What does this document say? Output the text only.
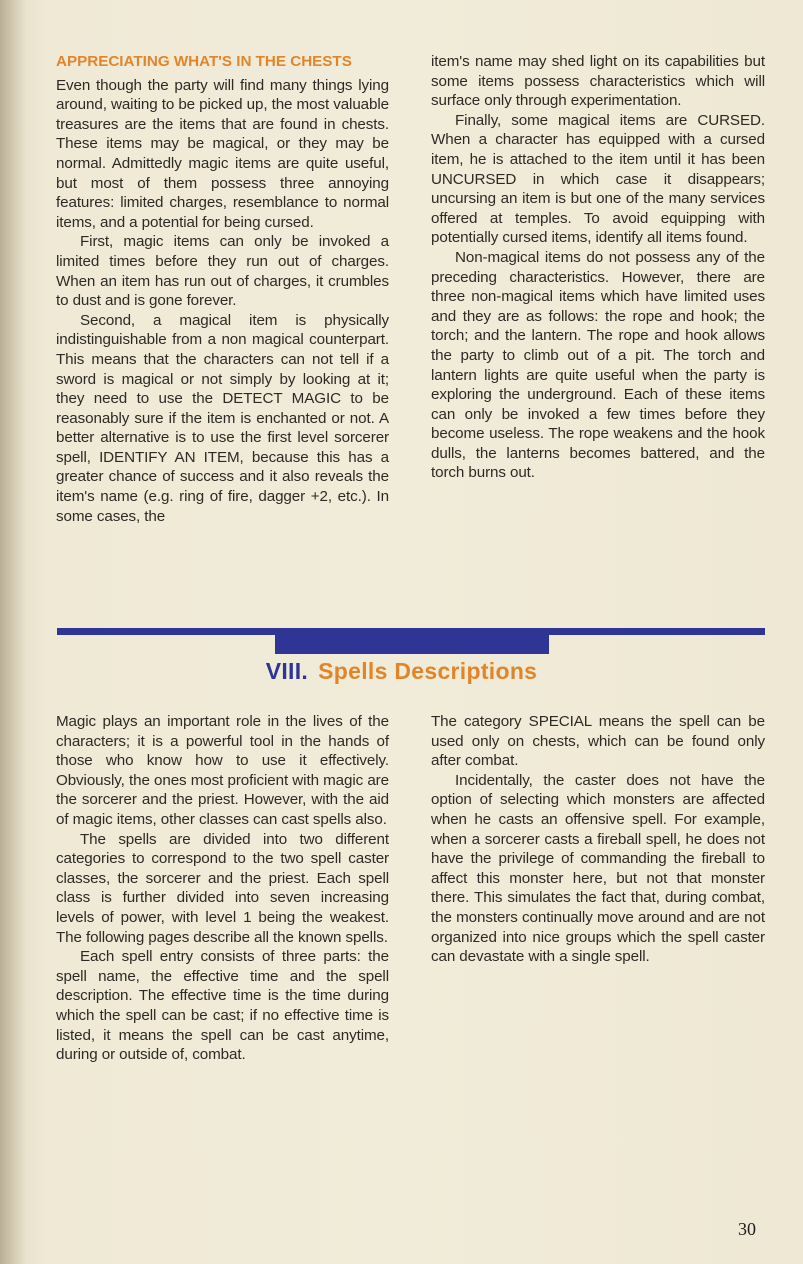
APPRECIATING WHAT'S IN THE CHESTS

Even though the party will find many things lying around, waiting to be picked up, the most valuable treasures are the items that are found in chests. These items may be magical, or they may be normal. Admittedly magic items are quite useful, but most of them possess three annoying features: limited charges, resemblance to normal items, and a potential for being cursed.

First, magic items can only be invoked a limited times before they run out of charges. When an item has run out of charges, it crumbles to dust and is gone forever.

Second, a magical item is physically indistinguishable from a non magical counterpart. This means that the characters can not tell if a sword is magical or not simply by looking at it; they need to use the DETECT MAGIC to be reasonably sure if the item is enchanted or not. A better alternative is to use the first level sorcerer spell, IDENTIFY AN ITEM, because this has a greater chance of success and it also reveals the item's name (e.g. ring of fire, dagger +2, etc.). In some cases, the

item's name may shed light on its capabilities but some items possess characteristics which will surface only through experimentation.

Finally, some magical items are CURSED. When a character has equipped with a cursed item, he is attached to the item until it has been UNCURSED in which case it disappears; uncursing an item is but one of the many services offered at temples. To avoid equipping with potentially cursed items, identify all items found.

Non-magical items do not possess any of the preceding characteristics. However, there are three non-magical items which have limited uses and they are as follows: the rope and hook; the torch; and the lantern. The rope and hook allows the party to climb out of a pit. The torch and lantern lights are quite useful when the party is exploring the underground. Each of these items can only be invoked a few times before they become useless. The rope weakens and the hook dulls, the lanterns becomes battered, and the torch burns out.

VIII. Spells Descriptions

Magic plays an important role in the lives of the characters; it is a powerful tool in the hands of those who know how to use it effectively. Obviously, the ones most proficient with magic are the sorcerer and the priest. However, with the aid of magic items, other classes can cast spells also.

The spells are divided into two different categories to correspond to the two spell caster classes, the sorcerer and the priest. Each spell class is further divided into seven increasing levels of power, with level 1 being the weakest. The following pages describe all the known spells.

Each spell entry consists of three parts: the spell name, the effective time and the spell description. The effective time is the time during which the spell can be cast; if no effective time is listed, it means the spell can be cast anytime, during or outside of, combat.

The category SPECIAL means the spell can be used only on chests, which can be found only after combat.

Incidentally, the caster does not have the option of selecting which monsters are affected when he casts an offensive spell. For example, when a sorcerer casts a fireball spell, he does not have the privilege of commanding the fireball to affect this monster here, but not that monster there. This simulates the fact that, during combat, the monsters continually move around and are not organized into nice groups which the spell caster can devastate with a single spell.

30
